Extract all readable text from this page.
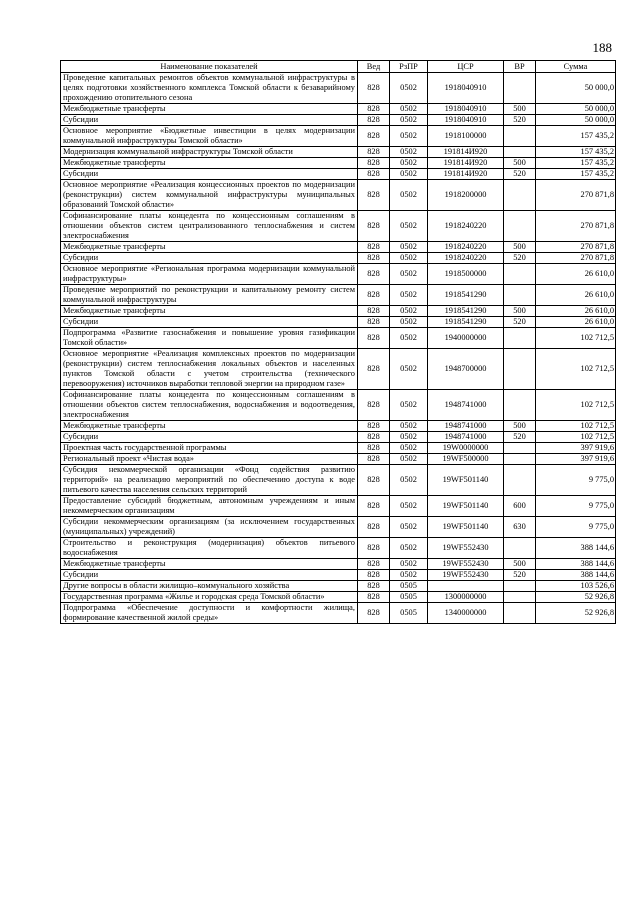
188
Наименование показателей	Вед	РзПР	ЦСР	ВР	Сумма
Проведение капитальных ремонтов объектов коммунальной инфраструктуры в целях подготовки хозяйственного комплекса Томской области к безаварийному прохождению отопительного сезона	828	0502	1918040910		50 000,0
Межбюджетные трансферты	828	0502	1918040910	500	50 000,0
Субсидии	828	0502	1918040910	520	50 000,0
Основное мероприятие «Бюджетные инвестиции в целях модернизации коммунальной инфраструктуры Томской области»	828	0502	1918100000		157 435,2
Модернизация коммунальной инфраструктуры Томской области	828	0502	191814И920		157 435,2
Межбюджетные трансферты	828	0502	191814И920	500	157 435,2
Субсидии	828	0502	191814И920	520	157 435,2
Основное мероприятие «Реализация концессионных проектов по модернизации (реконструкции) систем коммунальной инфраструктуры муниципальных образований Томской области»	828	0502	1918200000		270 871,8
Софинансирование платы концедента по концессионным соглашениям в отношении объектов систем централизованного теплоснабжения и систем электроснабжения	828	0502	1918240220		270 871,8
Межбюджетные трансферты	828	0502	1918240220	500	270 871,8
Субсидии	828	0502	1918240220	520	270 871,8
Основное мероприятие «Региональная программа модернизации коммунальной инфраструктуры»	828	0502	1918500000		26 610,0
Проведение мероприятий по реконструкции и капитальному ремонту систем коммунальной инфраструктуры	828	0502	1918541290		26 610,0
Межбюджетные трансферты	828	0502	1918541290	500	26 610,0
Субсидии	828	0502	1918541290	520	26 610,0
Подпрограмма «Развитие газоснабжения и повышение уровня газификации Томской области»	828	0502	1940000000		102 712,5
Основное мероприятие «Реализация комплексных проектов по модернизации (реконструкции) систем теплоснабжения локальных объектов и населенных пунктов Томской области с учетом строительства (технического перевооружения) источников выработки тепловой энергии на природном газе»	828	0502	1948700000		102 712,5
Софинансирование платы концедента по концессионным соглашениям в отношении объектов систем теплоснабжения, водоснабжения и водоотведения, электроснабжения	828	0502	1948741000		102 712,5
Межбюджетные трансферты	828	0502	1948741000	500	102 712,5
Субсидии	828	0502	1948741000	520	102 712,5
Проектная часть государственной программы	828	0502	19W0000000		397 919,6
Региональный проект «Чистая вода»	828	0502	19WF500000		397 919,6
Субсидия некоммерческой организации «Фонд содействия развитию территорий» на реализацию мероприятий по обеспечению доступа к воде питьевого качества населения сельских территорий	828	0502	19WF501140		9 775,0
Предоставление субсидий бюджетным, автономным учреждениям и иным некоммерческим организациям	828	0502	19WF501140	600	9 775,0
Субсидии некоммерческим организациям (за исключением государственных (муниципальных) учреждений)	828	0502	19WF501140	630	9 775,0
Строительство и реконструкция (модернизация) объектов питьевого водоснабжения	828	0502	19WF552430		388 144,6
Межбюджетные трансферты	828	0502	19WF552430	500	388 144,6
Субсидии	828	0502	19WF552430	520	388 144,6
Другие вопросы в области жилищно–коммунального хозяйства	828	0505			103 526,6
Государственная программа «Жилье и городская среда Томской области»	828	0505	1300000000		52 926,8
Подпрограмма «Обеспечение доступности и комфортности жилища, формирование качественной жилой среды»	828	0505	1340000000		52 926,8
